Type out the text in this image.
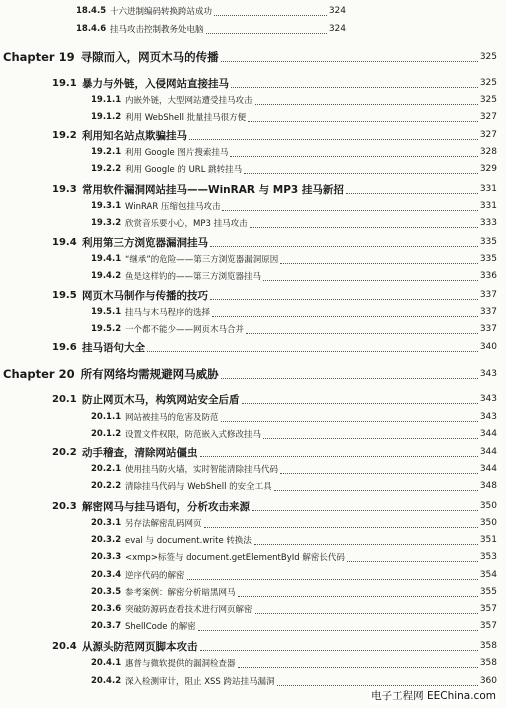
18.4.5 十六进制编码转换跨站成功	324
18.4.6 挂马攻击控制教务处电脑	324
Chapter 19 寻隙而入，网页木马的传播	325
19.1 暴力与外链，入侵网站直接挂马	325
19.1.1 内嵌外链，大型网站遭受挂马攻击	325
19.1.2 利用 WebShell 批量挂马很方便	327
19.2 利用知名站点欺骗挂马	327
19.2.1 利用 Google 图片搜索挂马	328
19.2.2 利用 Google 的 URL 跳转挂马	329
19.3 常用软件漏洞网站挂马——WinRAR 与 MP3 挂马新招	331
19.3.1 WinRAR 压缩包挂马攻击	331
19.3.2 欣赏音乐要小心，MP3 挂马攻击	333
19.4 利用第三方浏览器漏洞挂马	335
19.4.1 “继承”的危险——第三方浏览器漏洞原因	335
19.4.2 鱼是这样钓的——第三方浏览器挂马	336
19.5 网页木马制作与传播的技巧	337
19.5.1 挂马与木马程序的选择	337
19.5.2 一个都不能少——网页木马合并	337
19.6 挂马语句大全	340
Chapter 20 所有网络均需规避网马威胁	343
20.1 防止网页木马，构筑网站安全后盾	343
20.1.1 网站被挂马的危害及防范	343
20.1.2 设置文件权限，防范嵌入式修改挂马	344
20.2 动手稽查，清除网站僵虫	344
20.2.1 使用挂马防火墙，实时智能清除挂马代码	344
20.2.2 清除挂马代码与 WebShell 的安全工具	348
20.3 解密网马与挂马语句，分析攻击来源	350
20.3.1 另存法解密乱码网页	350
20.3.2 eval 与 document.write 转换法	351
20.3.3 <xmp>标签与 document.getElementById 解密长代码	353
20.3.4 逆序代码的解密	354
20.3.5 参考案例：解密分析暗黑网马	355
20.3.6 突破防源码查看技术进行网页解密	357
20.3.7 ShellCode 的解密	357
20.4 从源头防范网页脚本攻击	358
20.4.1 惠普与微软提供的漏洞检查器	358
20.4.2 深入检测审计，阻止 XSS 跨站挂马漏洞	360
电子工程网 EEChina.com
